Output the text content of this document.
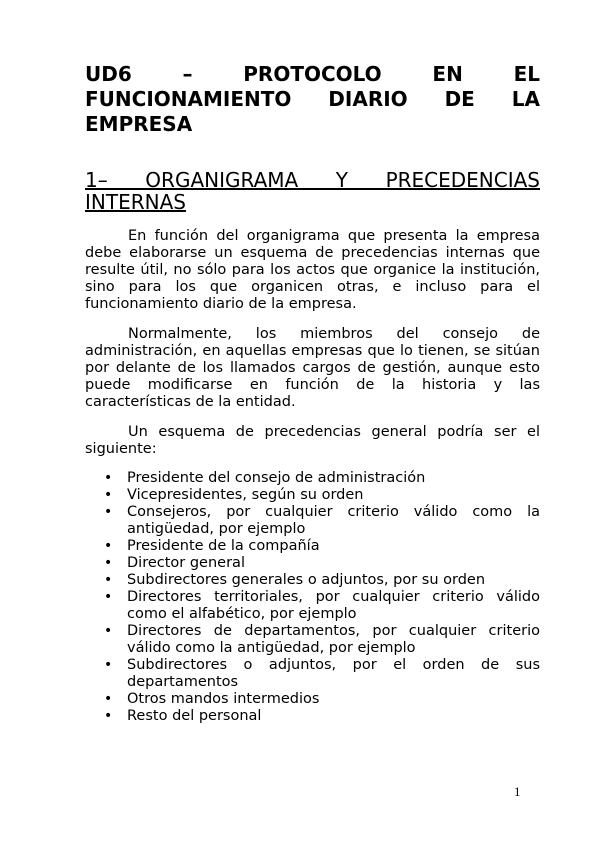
UD6 – PROTOCOLO EN EL
FUNCIONAMIENTO DIARIO DE LA
EMPRESA
1– ORGANIGRAMA Y PRECEDENCIAS
INTERNAS

En función del organigrama que presenta la empresa debe elaborarse un esquema de precedencias internas que resulte útil, no sólo para los actos que organice la institución, sino para los que organicen otras, e incluso para el funcionamiento diario de la empresa.

Normalmente, los miembros del consejo de administración, en aquellas empresas que lo tienen, se sitúan por delante de los llamados cargos de gestión, aunque esto puede modificarse en función de la historia y las características de la entidad.

Un esquema de precedencias general podría ser el siguiente:

• Presidente del consejo de administración
• Vicepresidentes, según su orden
• Consejeros, por cualquier criterio válido como la antigüedad, por ejemplo
• Presidente de la compañía
• Director general
• Subdirectores generales o adjuntos, por su orden
• Directores territoriales, por cualquier criterio válido como el alfabético, por ejemplo
• Directores de departamentos, por cualquier criterio válido como la antigüedad, por ejemplo
• Subdirectores o adjuntos, por el orden de sus departamentos
• Otros mandos intermedios
• Resto del personal
1
